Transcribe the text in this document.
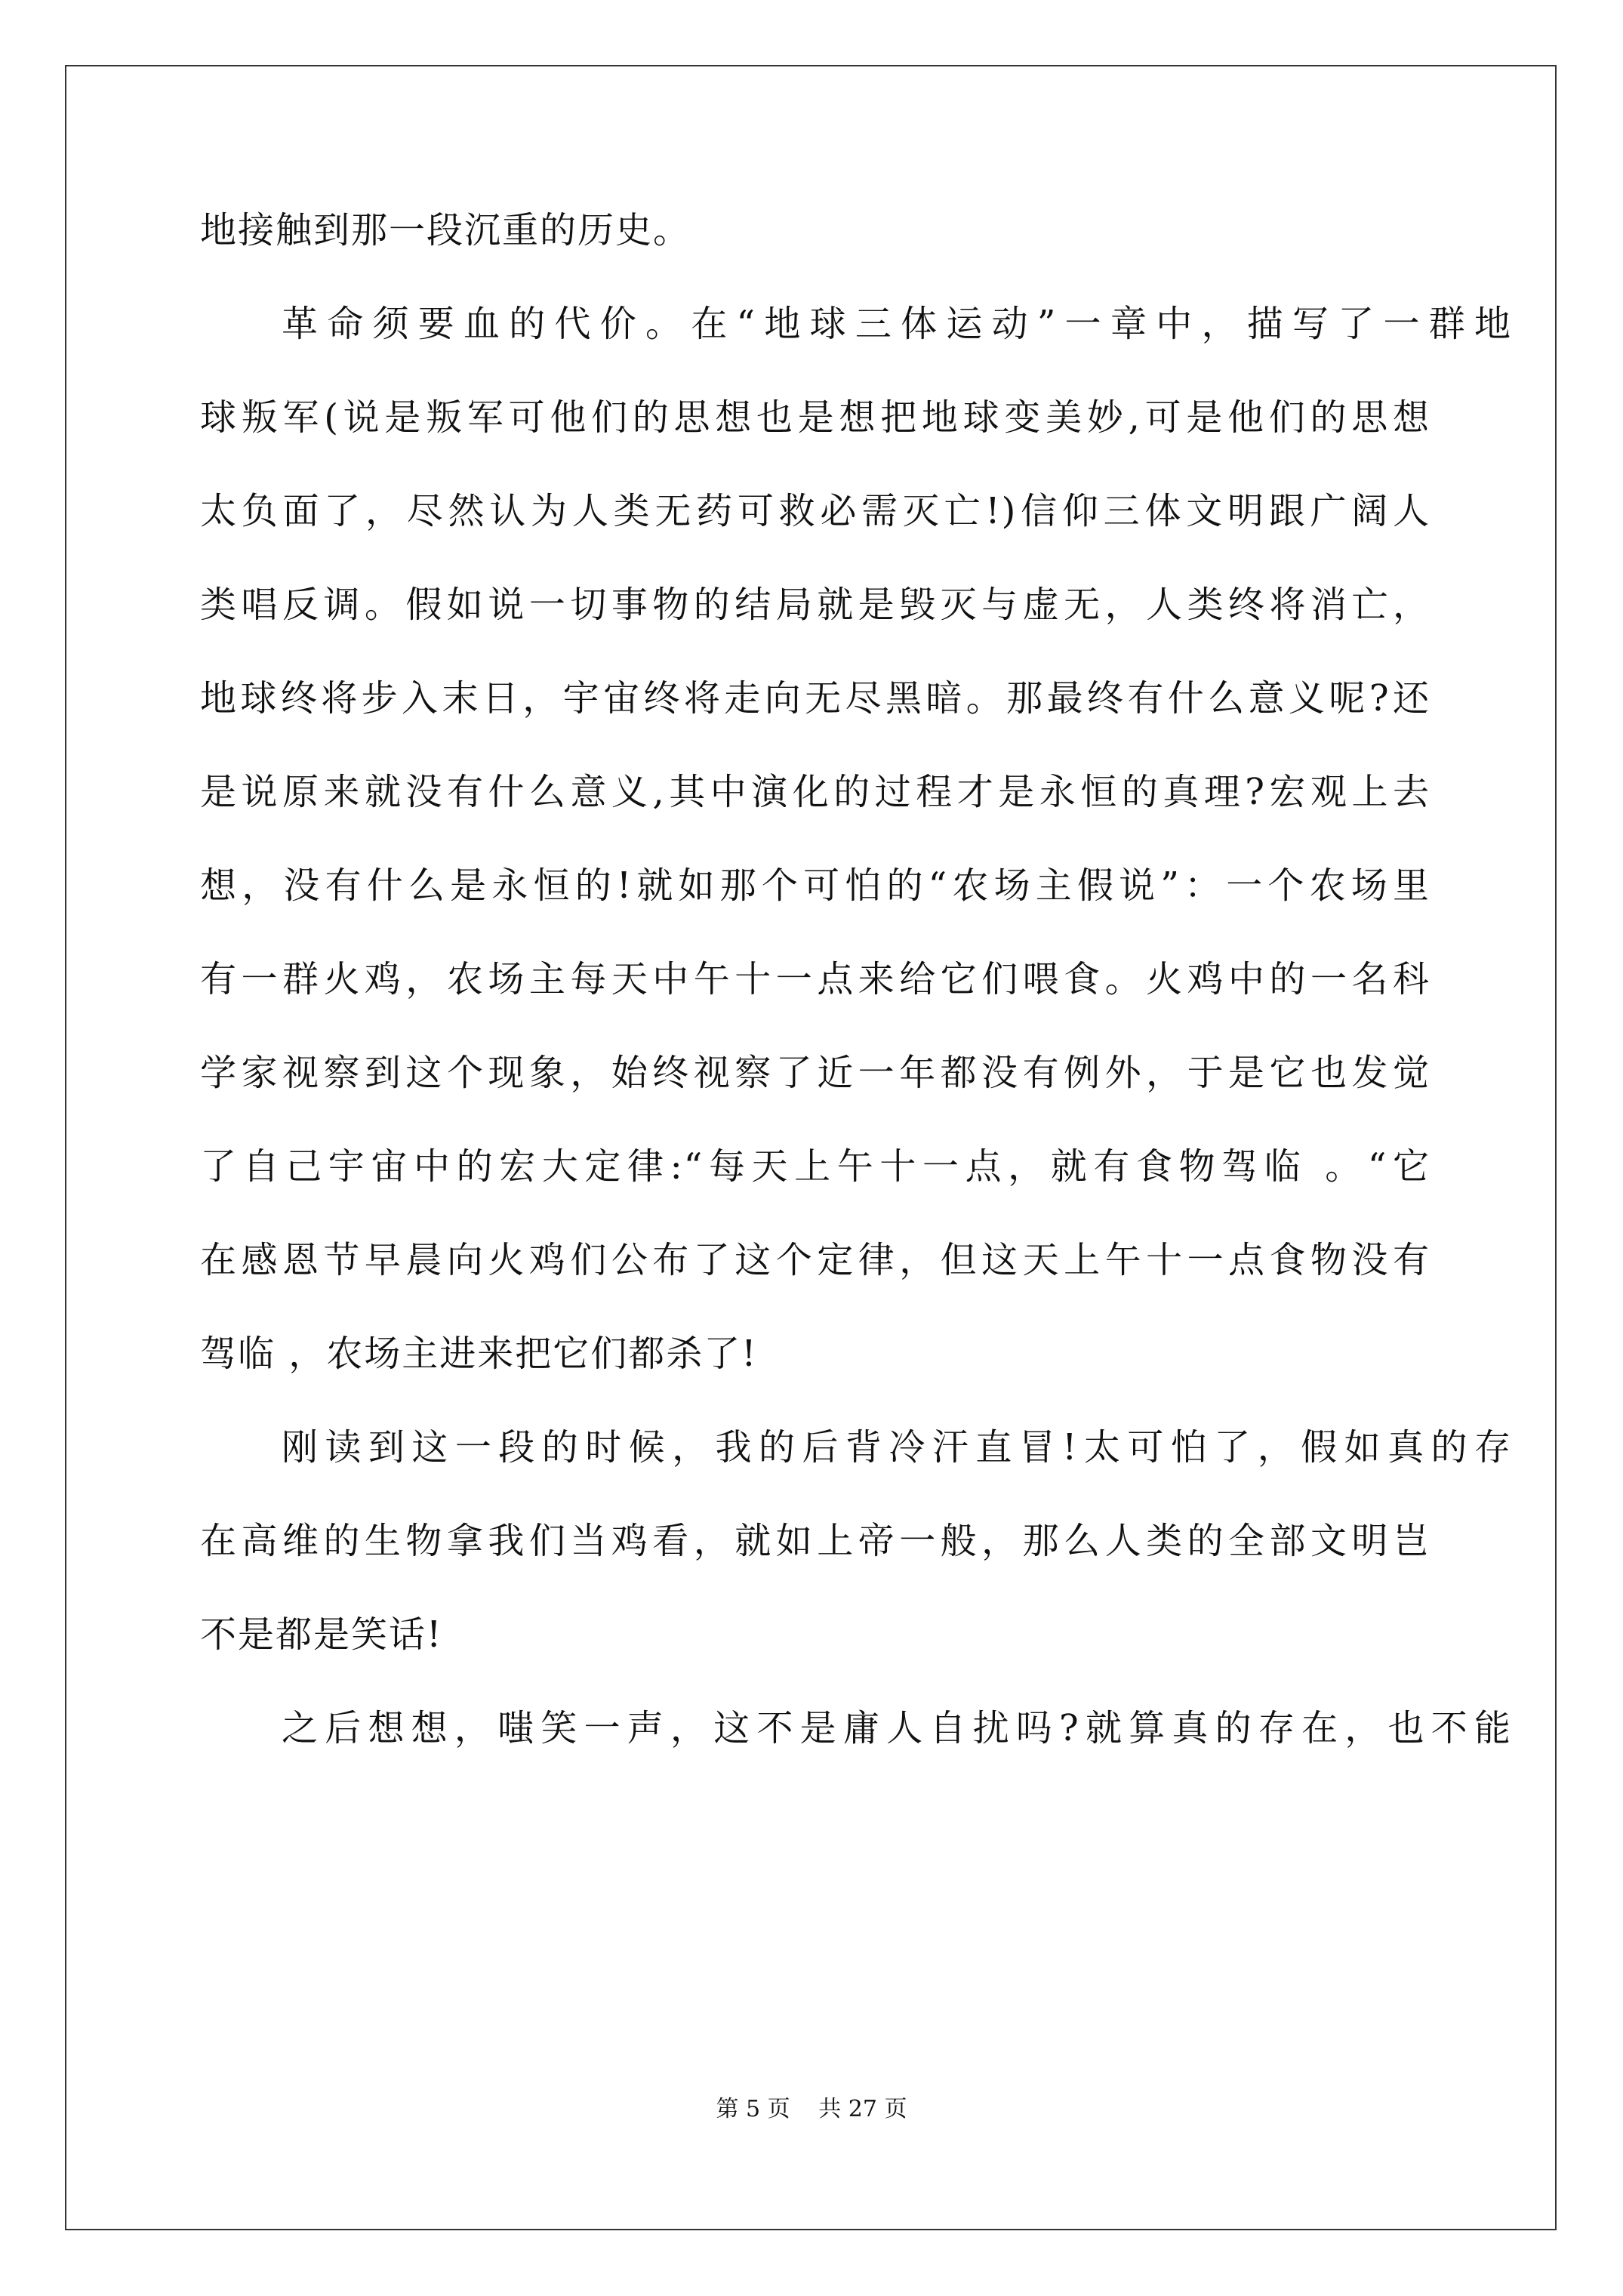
地接触到那一段沉重的历史。
革命须要血的代价。在“地球三体运动”一章中，描写了一群地
球叛军(说是叛军可他们的思想也是想把地球变美妙,可是他们的思想
太负面了，尽然认为人类无药可救必需灭亡!)信仰三体文明跟广阔人
类唱反调。假如说一切事物的结局就是毁灭与虚无，人类终将消亡，
地球终将步入末日，宇宙终将走向无尽黑暗。那最终有什么意义呢?还
是说原来就没有什么意义,其中演化的过程才是永恒的真理?宏观上去
想，没有什么是永恒的!就如那个可怕的“农场主假说”：一个农场里
有一群火鸡，农场主每天中午十一点来给它们喂食。火鸡中的一名科
学家视察到这个现象，始终视察了近一年都没有例外，于是它也发觉
了自己宇宙中的宏大定律:“每天上午十一点，就有食物驾临 。“它
在感恩节早晨向火鸡们公布了这个定律，但这天上午十一点食物没有
驾临 ，农场主进来把它们都杀了!
刚读到这一段的时候，我的后背冷汗直冒!太可怕了，假如真的存
在高维的生物拿我们当鸡看，就如上帝一般，那么人类的全部文明岂
不是都是笑话!
之后想想，嗤笑一声，这不是庸人自扰吗?就算真的存在，也不能
第 5 页 共 27 页
